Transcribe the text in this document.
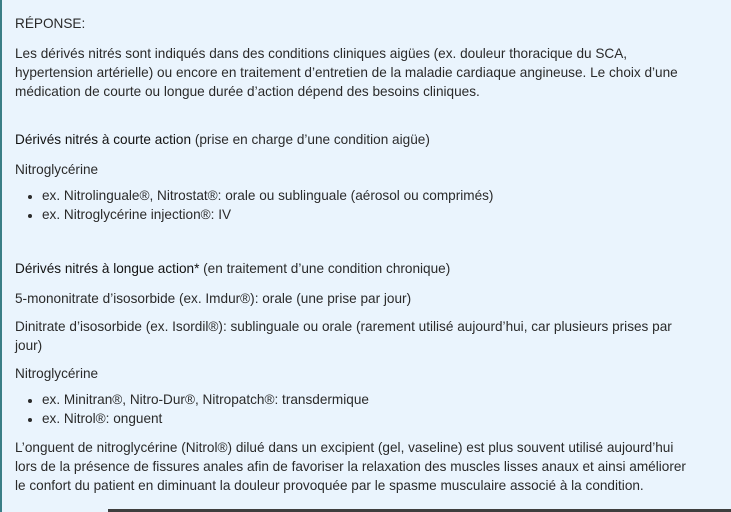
RÉPONSE:

Les dérivés nitrés sont indiqués dans des conditions cliniques aigües (ex. douleur thoracique du SCA, hypertension artérielle) ou encore en traitement d’entretien de la maladie cardiaque angineuse. Le choix d’une médication de courte ou longue durée d’action dépend des besoins cliniques.

Dérivés nitrés à courte action (prise en charge d’une condition aigüe)

Nitroglycérine

• ex. Nitrolinguale®, Nitrostat®: orale ou sublinguale (aérosol ou comprimés)
• ex. Nitroglycérine injection®: IV

Dérivés nitrés à longue action* (en traitement d’une condition chronique)

5-mononitrate d’isosorbide (ex. Imdur®): orale (une prise par jour)

Dinitrate d’isosorbide (ex. Isordil®): sublinguale ou orale (rarement utilisé aujourd’hui, car plusieurs prises par jour)

Nitroglycérine

• ex. Minitran®, Nitro-Dur®, Nitropatch®: transdermique
• ex. Nitrol®: onguent

L’onguent de nitroglycérine (Nitrol®) dilué dans un excipient (gel, vaseline) est plus souvent utilisé aujourd’hui lors de la présence de fissures anales afin de favoriser la relaxation des muscles lisses anaux et ainsi améliorer le confort du patient en diminuant la douleur provoquée par le spasme musculaire associé à la condition.
